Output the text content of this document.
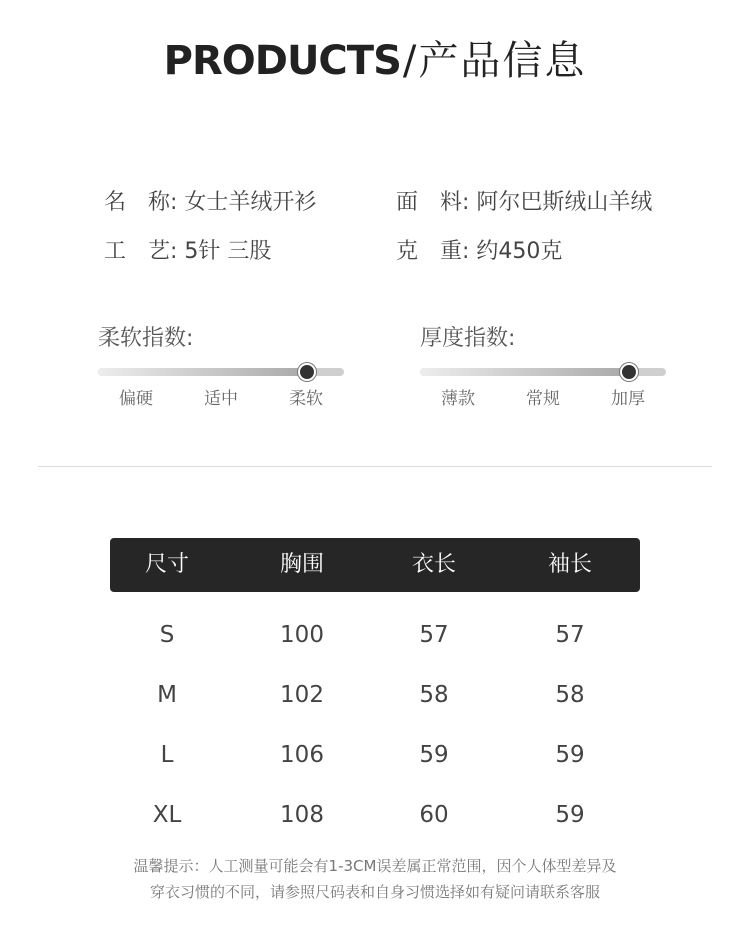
PRODUCTS/产品信息
名　称: 女士羊绒开衫	面　料: 阿尔巴斯绒山羊绒
工　艺: 5针 三股	克　重: 约450克
柔软指数:
偏硬	适中	柔软
厚度指数:
薄款	常规	加厚
尺寸	胸围	衣长	袖长
S	100	57	57
M	102	58	58
L	106	59	59
XL	108	60	59
温馨提示：人工测量可能会有1-3CM误差属正常范围，因个人体型差异及
穿衣习惯的不同，请参照尺码表和自身习惯选择如有疑问请联系客服
